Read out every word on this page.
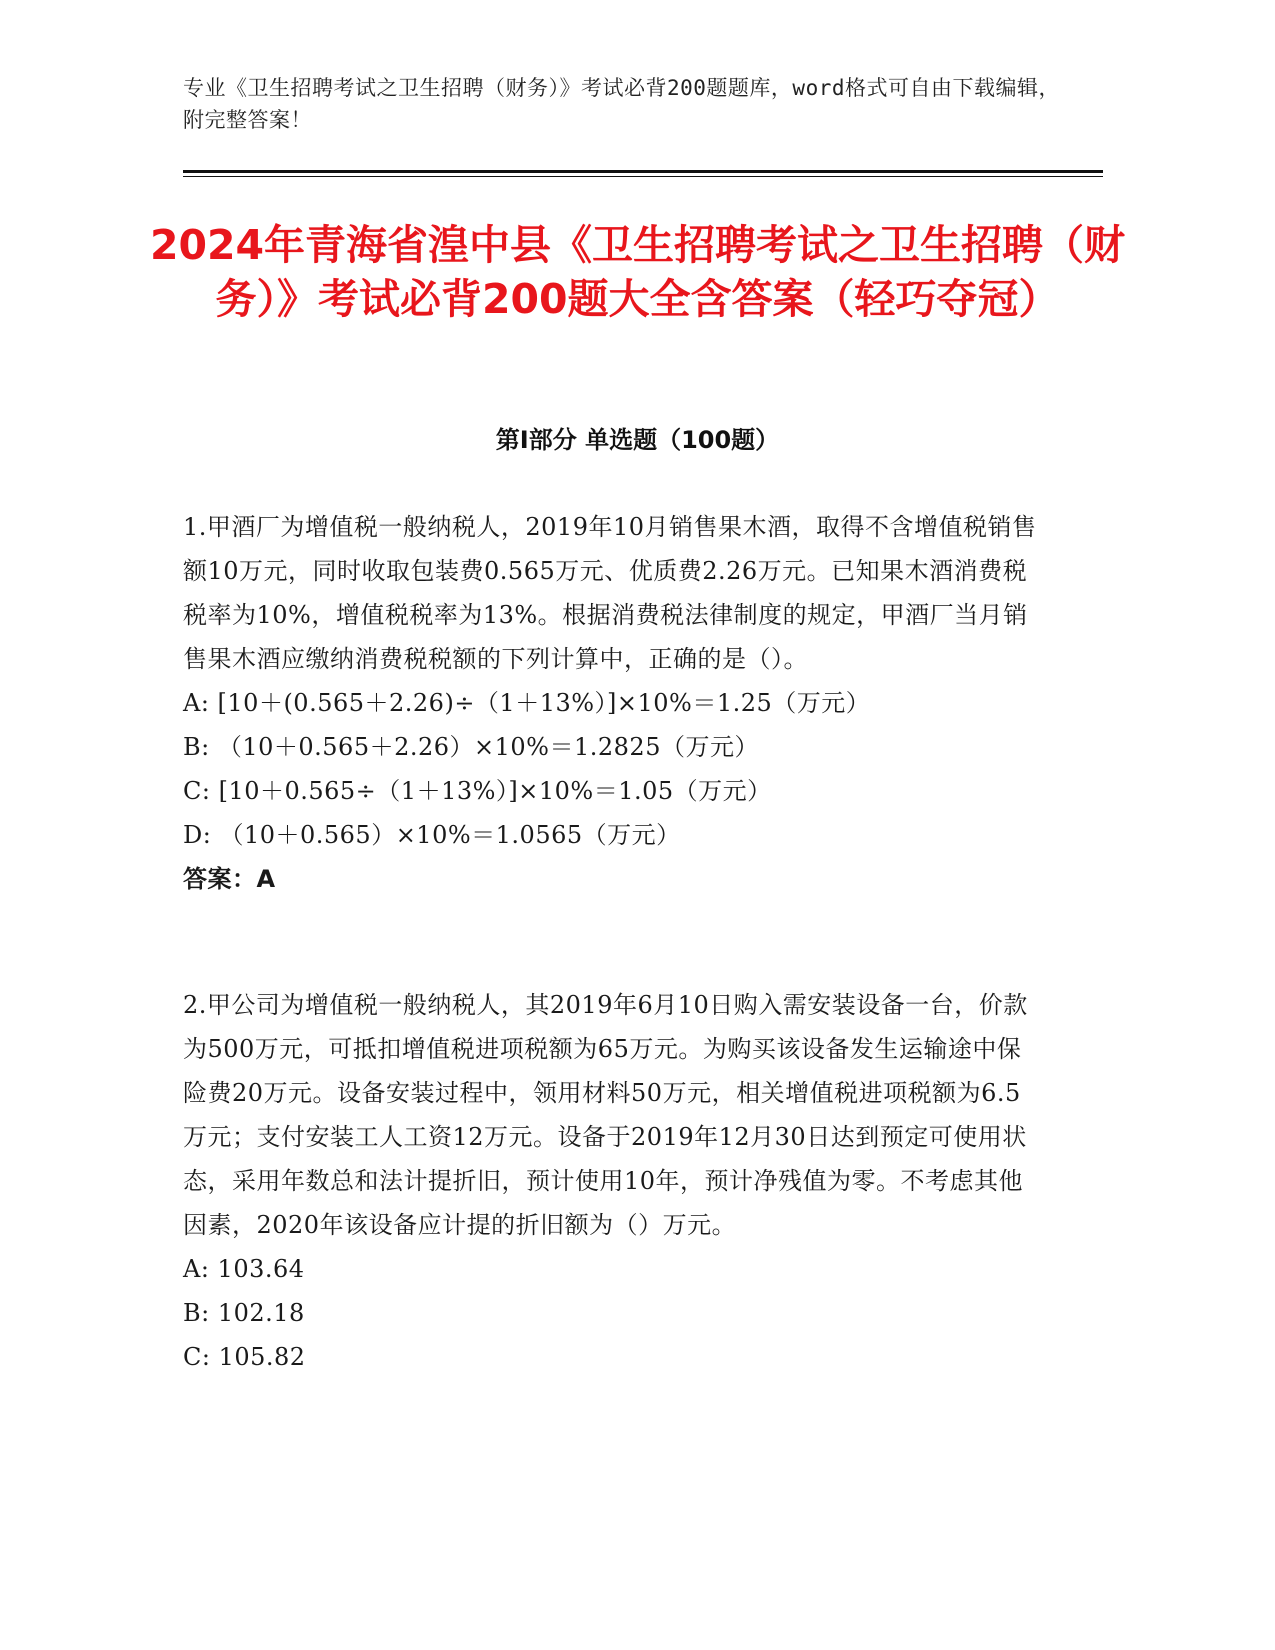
专业《卫生招聘考试之卫生招聘（财务）》考试必背200题题库，word格式可自由下载编辑，附完整答案！
2024年青海省湟中县《卫生招聘考试之卫生招聘（财务）》考试必背200题大全含答案（轻巧夺冠）
第I部分 单选题（100题）

1.甲酒厂为增值税一般纳税人，2019年10月销售果木酒，取得不含增值税销售额10万元，同时收取包装费0.565万元、优质费2.26万元。已知果木酒消费税税率为10%，增值税税率为13%。根据消费税法律制度的规定，甲酒厂当月销售果木酒应缴纳消费税税额的下列计算中，正确的是（）。

A: [10＋(0.565＋2.26)÷（1＋13%）]×10%＝1.25（万元）

B: （10＋0.565＋2.26）×10%＝1.2825（万元）

C: [10＋0.565÷（1＋13%）]×10%＝1.05（万元）

D: （10＋0.565）×10%＝1.0565（万元）

答案：A

2.甲公司为增值税一般纳税人，其2019年6月10日购入需安装设备一台，价款为500万元，可抵扣增值税进项税额为65万元。为购买该设备发生运输途中保险费20万元。设备安装过程中，领用材料50万元，相关增值税进项税额为6.5万元；支付安装工人工资12万元。设备于2019年12月30日达到预定可使用状态，采用年数总和法计提折旧，预计使用10年，预计净残值为零。不考虑其他因素，2020年该设备应计提的折旧额为（）万元。

A: 103.64

B: 102.18

C: 105.82
